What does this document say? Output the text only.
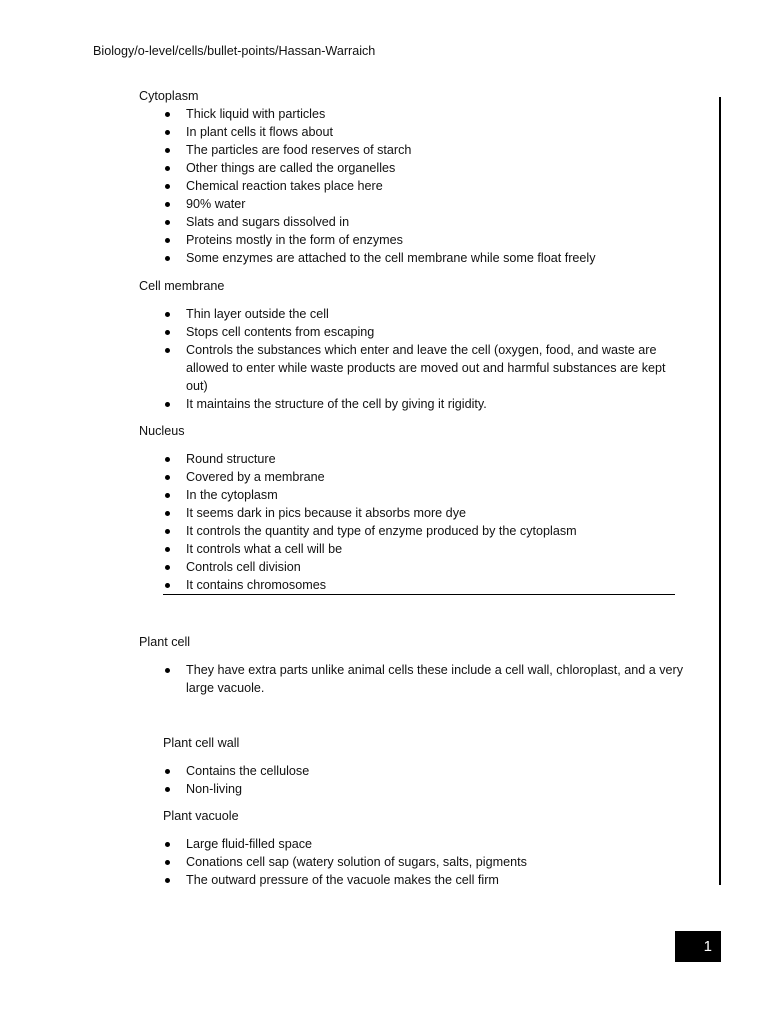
Biology/o-level/cells/bullet-points/Hassan-Warraich
Cytoplasm
Thick liquid with particles
In plant cells it flows about
The particles are food reserves of starch
Other things are called the organelles
Chemical reaction takes place here
90% water
Slats and sugars dissolved in
Proteins mostly in the form of enzymes
Some enzymes are attached to the cell membrane while some float freely
Cell membrane
Thin layer outside the cell
Stops cell contents from escaping
Controls the substances which enter and leave the cell (oxygen, food, and waste are allowed to enter while waste products are moved out and harmful substances are kept out)
It maintains the structure of the cell by giving it rigidity.
Nucleus
Round structure
Covered by a membrane
In the cytoplasm
It seems dark in pics because it absorbs more dye
It controls the quantity and type of enzyme produced by the cytoplasm
It controls what a cell will be
Controls cell division
It contains chromosomes
Plant cell
They have extra parts unlike animal cells these include a cell wall, chloroplast, and a very large vacuole.
Plant cell wall
Contains the cellulose
Non-living
Plant vacuole
Large fluid-filled space
Conations cell sap (watery solution of sugars, salts, pigments
The outward pressure of the vacuole makes the cell firm
1
